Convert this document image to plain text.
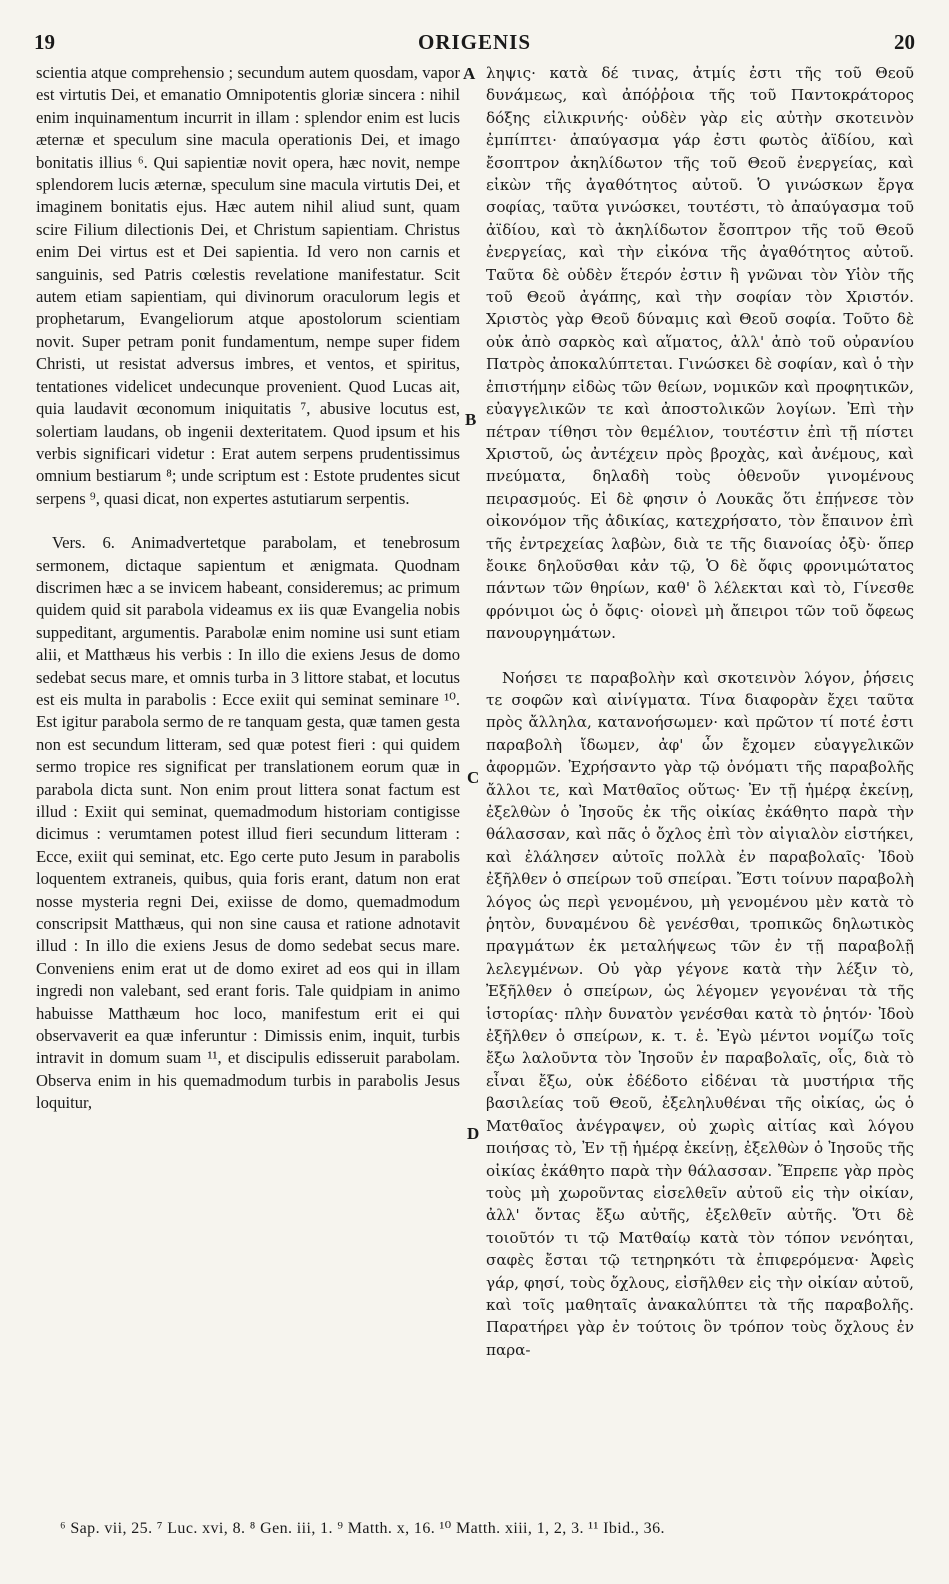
19	ORIGENIS	20

scientia atque comprehensio ; secundum autem quosdam, vapor est virtutis Dei, et emanatio Omnipotentis gloriæ sincera : nihil enim inquinamentum incurrit in illam : splendor enim est lucis æternæ et speculum sine macula operationis Dei, et imago bonitatis illius ⁶. Qui sapientiæ novit opera, hæc novit, nempe splendorem lucis æternæ, speculum sine macula virtutis Dei, et imaginem bonitatis ejus. Hæc autem nihil aliud sunt, quam scire Filium dilectionis Dei, et Christum sapientiam. Christus enim Dei virtus est et Dei sapientia. Id vero non carnis et sanguinis, sed Patris cœlestis revelatione manifestatur. Scit autem etiam sapientiam, qui divinorum oraculorum legis et prophetarum, Evangeliorum atque apostolorum scientiam novit. Super petram ponit fundamentum, nempe super fidem Christi, ut resistat adversus imbres, et ventos, et spiritus, tentationes videlicet undecunque provenient. Quod Lucas ait, quia laudavit œconomum iniquitatis ⁷, abusive locutus est, solertiam laudans, ob ingenii dexteritatem. Quod ipsum et his verbis significari videtur : Erat autem serpens prudentissimus omnium bestiarum ⁸; unde scriptum est : Estote prudentes sicut serpens ⁹, quasi dicat, non expertes astutiarum serpentis.

Vers. 6. Animadvertetque parabolam, et tenebrosum sermonem, dictaque sapientum et ænigmata. Quodnam discrimen hæc a se invicem habeant, consideremus; ac primum quidem quid sit parabola videamus ex iis quæ Evangelia nobis suppeditant, argumentis. Parabolæ enim nomine usi sunt etiam alii, et Matthæus his verbis : In illo die exiens Jesus de domo sedebat secus mare, et omnis turba in 3 littore stabat, et locutus est eis multa in parabolis : Ecce exiit qui seminat seminare ¹⁰. Est igitur parabola sermo de re tanquam gesta, quæ tamen gesta non est secundum litteram, sed quæ potest fieri : qui quidem sermo tropice res significat per translationem eorum quæ in parabola dicta sunt. Non enim prout littera sonat factum est illud : Exiit qui seminat, quemadmodum historiam contigisse dicimus : verumtamen potest illud fieri secundum litteram : Ecce, exiit qui seminat, etc. Ego certe puto Jesum in parabolis loquentem extraneis, quibus, quia foris erant, datum non erat nosse mysteria regni Dei, exiisse de domo, quemadmodum conscripsit Matthæus, qui non sine causa et ratione adnotavit illud : In illo die exiens Jesus de domo sedebat secus mare. Conveniens enim erat ut de domo exiret ad eos qui in illam ingredi non valebant, sed erant foris. Tale quidpiam in animo habuisse Matthæum hoc loco, manifestum erit ei qui observaverit ea quæ inferuntur : Dimissis enim, inquit, turbis intravit in domum suam ¹¹, et discipulis edisseruit parabolam. Observa enim in his quemadmodum turbis in parabolis Jesus loquitur,

A
B
C
D

ληψις· κατὰ δέ τινας, ἀτμίς ἐστι τῆς τοῦ Θεοῦ δυνάμεως, καὶ ἀπόῤῥοια τῆς τοῦ Παντοκράτορος δόξης εἰλικρινής· οὐδὲν γὰρ εἰς αὐτὴν σκοτεινὸν ἐμπίπτει· ἀπαύγασμα γάρ ἐστι φωτὸς ἀϊδίου, καὶ ἔσοπτρον ἀκηλίδωτον τῆς τοῦ Θεοῦ ἐνεργείας, καὶ εἰκὼν τῆς ἀγαθότητος αὐτοῦ. Ὁ γινώσκων ἔργα σοφίας, ταῦτα γινώσκει, τουτέστι, τὸ ἀπαύγασμα τοῦ ἀϊδίου, καὶ τὸ ἀκηλίδωτον ἔσοπτρον τῆς τοῦ Θεοῦ ἐνεργείας, καὶ τὴν εἰκόνα τῆς ἀγαθότητος αὐτοῦ. Ταῦτα δὲ οὐδὲν ἕτερόν ἐστιν ἢ γνῶναι τὸν Υἱὸν τῆς τοῦ Θεοῦ ἀγάπης, καὶ τὴν σοφίαν τὸν Χριστόν. Χριστὸς γὰρ Θεοῦ δύναμις καὶ Θεοῦ σοφία. Τοῦτο δὲ οὐκ ἀπὸ σαρκὸς καὶ αἵματος, ἀλλ' ἀπὸ τοῦ οὐρανίου Πατρὸς ἀποκαλύπτεται. Γινώσκει δὲ σοφίαν, καὶ ὁ τὴν ἐπιστήμην εἰδὼς τῶν θείων, νομικῶν καὶ προφητικῶν, εὐαγγελικῶν τε καὶ ἀποστολικῶν λογίων. Ἐπὶ τὴν πέτραν τίθησι τὸν θεμέλιον, τουτέστιν ἐπὶ τῇ πίστει Χριστοῦ, ὡς ἀντέχειν πρὸς βροχὰς, καὶ ἀνέμους, καὶ πνεύματα, δηλαδὴ τοὺς ὁθενοῦν γινομένους πειρασμούς. Εἰ δὲ φησιν ὁ Λουκᾶς ὅτι ἐπῄνεσε τὸν οἰκονόμον τῆς ἀδικίας, κατεχρήσατο, τὸν ἔπαινον ἐπὶ τῆς ἐντρεχείας λαβὼν, διὰ τε τῆς διανοίας ὀξὺ· ὅπερ ἔοικε δηλοῦσθαι κἀν τῷ, Ὁ δὲ ὄφις φρονιμώτατος πάντων τῶν θηρίων, καθ' ὃ λέλεκται καὶ τὸ, Γίνεσθε φρόνιμοι ὡς ὁ ὄφις· οἱονεὶ μὴ ἄπειροι τῶν τοῦ ὄφεως πανουργημάτων.

Νοήσει τε παραβολὴν καὶ σκοτεινὸν λόγον, ῥήσεις τε σοφῶν καὶ αἰνίγματα. Τίνα διαφορὰν ἔχει ταῦτα πρὸς ἄλληλα, κατανοήσωμεν· καὶ πρῶτον τί ποτέ ἐστι παραβολὴ ἴδωμεν, ἀφ' ὧν ἔχομεν εὐαγγελικῶν ἀφορμῶν. Ἐχρήσαντο γὰρ τῷ ὀνόματι τῆς παραβολῆς ἄλλοι τε, καὶ Ματθαῖος οὕτως· Ἐν τῇ ἡμέρᾳ ἐκείνῃ, ἐξελθὼν ὁ Ἰησοῦς ἐκ τῆς οἰκίας ἐκάθητο παρὰ τὴν θάλασσαν, καὶ πᾶς ὁ ὄχλος ἐπὶ τὸν αἰγιαλὸν εἱστήκει, καὶ ἐλάλησεν αὐτοῖς πολλὰ ἐν παραβολαῖς· Ἰδοὺ ἐξῆλθεν ὁ σπείρων τοῦ σπείραι. Ἔστι τοίνυν παραβολὴ λόγος ὡς περὶ γενομένου, μὴ γενομένου μὲν κατὰ τὸ ῥητὸν, δυναμένου δὲ γενέσθαι, τροπικῶς δηλωτικὸς πραγμάτων ἐκ μεταλήψεως τῶν ἐν τῇ παραβολῇ λελεγμένων. Οὐ γὰρ γέγονε κατὰ τὴν λέξιν τὸ, Ἐξῆλθεν ὁ σπείρων, ὡς λέγομεν γεγονέναι τὰ τῆς ἱστορίας· πλὴν δυνατὸν γενέσθαι κατὰ τὸ ῥητόν· Ἰδοὺ ἐξῆλθεν ὁ σπείρων, κ. τ. ἑ. Ἐγὼ μέντοι νομίζω τοῖς ἔξω λαλοῦντα τὸν Ἰησοῦν ἐν παραβολαῖς, οἷς, διὰ τὸ εἶναι ἔξω, οὐκ ἐδέδοτο εἰδέναι τὰ μυστήρια τῆς βασιλείας τοῦ Θεοῦ, ἐξεληλυθέναι τῆς οἰκίας, ὡς ὁ Ματθαῖος ἀνέγραψεν, οὐ χωρὶς αἰτίας καὶ λόγου ποιήσας τὸ, Ἐν τῇ ἡμέρᾳ ἐκείνῃ, ἐξελθὼν ὁ Ἰησοῦς τῆς οἰκίας ἐκάθητο παρὰ τὴν θάλασσαν. Ἔπρεπε γὰρ πρὸς τοὺς μὴ χωροῦντας εἰσελθεῖν αὐτοῦ εἰς τὴν οἰκίαν, ἀλλ' ὄντας ἔξω αὐτῆς, ἐξελθεῖν αὐτῆς. Ὅτι δὲ τοιοῦτόν τι τῷ Ματθαίῳ κατὰ τὸν τόπον νενόηται, σαφὲς ἔσται τῷ τετηρηκότι τὰ ἐπιφερόμενα· Ἀφεὶς γάρ, φησί, τοὺς ὄχλους, εἰσῆλθεν εἰς τὴν οἰκίαν αὐτοῦ, καὶ τοῖς μαθηταῖς ἀνακαλύπτει τὰ τῆς παραβολῆς. Παρατήρει γὰρ ἐν τούτοις ὃν τρόπον τοὺς ὄχλους ἐν παρα-

⁶ Sap. vii, 25. ⁷ Luc. xvi, 8. ⁸ Gen. iii, 1. ⁹ Matth. x, 16. ¹⁰ Matth. xiii, 1, 2, 3. ¹¹ Ibid., 36.
